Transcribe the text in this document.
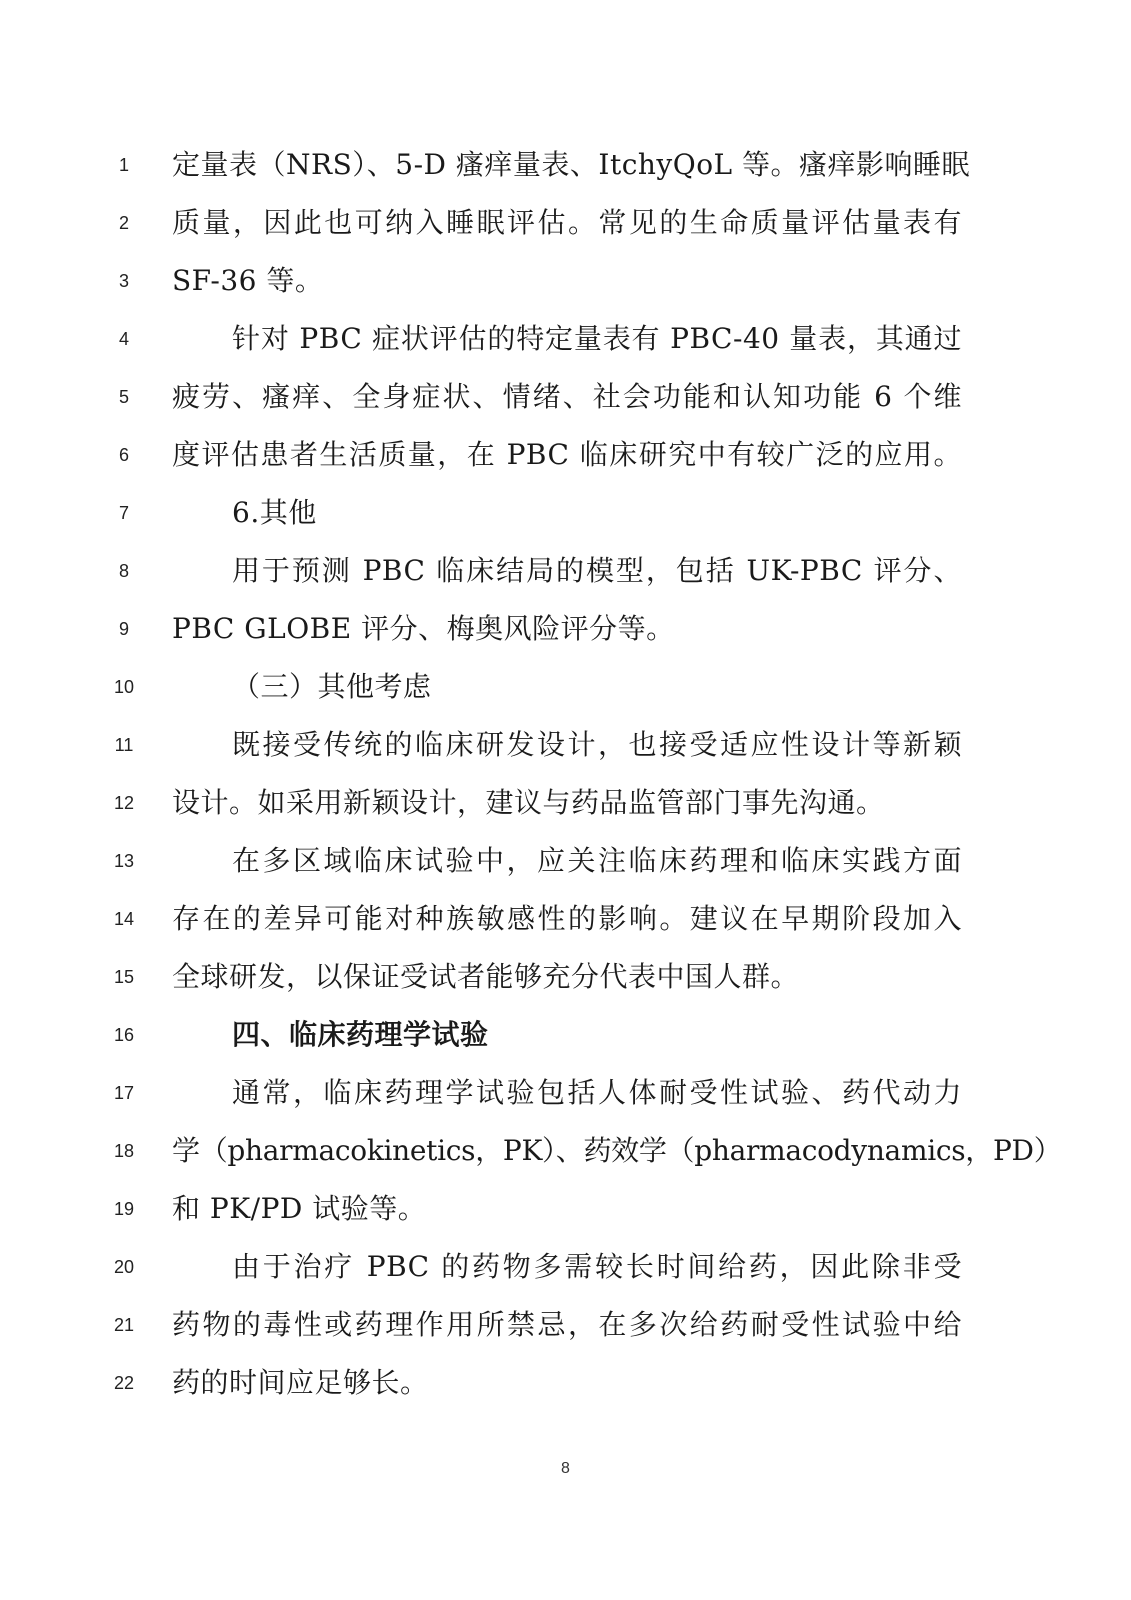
1	定量表（NRS）、5-D 瘙痒量表、ItchyQoL 等。瘙痒影响睡眠
2	质量，因此也可纳入睡眠评估。常见的生命质量评估量表有
3	SF-36 等。
4	针对 PBC 症状评估的特定量表有 PBC-40 量表，其通过
5	疲劳、瘙痒、全身症状、情绪、社会功能和认知功能 6 个维
6	度评估患者生活质量，在 PBC 临床研究中有较广泛的应用。
7	6.其他
8	用于预测 PBC 临床结局的模型，包括 UK-PBC 评分、
9	PBC GLOBE 评分、梅奥风险评分等。
10	（三）其他考虑
11	既接受传统的临床研发设计，也接受适应性设计等新颖
12	设计。如采用新颖设计，建议与药品监管部门事先沟通。
13	在多区域临床试验中，应关注临床药理和临床实践方面
14	存在的差异可能对种族敏感性的影响。建议在早期阶段加入
15	全球研发，以保证受试者能够充分代表中国人群。
16	四、临床药理学试验
17	通常，临床药理学试验包括人体耐受性试验、药代动力
18	学（pharmacokinetics，PK）、药效学（pharmacodynamics，PD）
19	和 PK/PD 试验等。
20	由于治疗 PBC 的药物多需较长时间给药，因此除非受
21	药物的毒性或药理作用所禁忌，在多次给药耐受性试验中给
22	药的时间应足够长。
8
